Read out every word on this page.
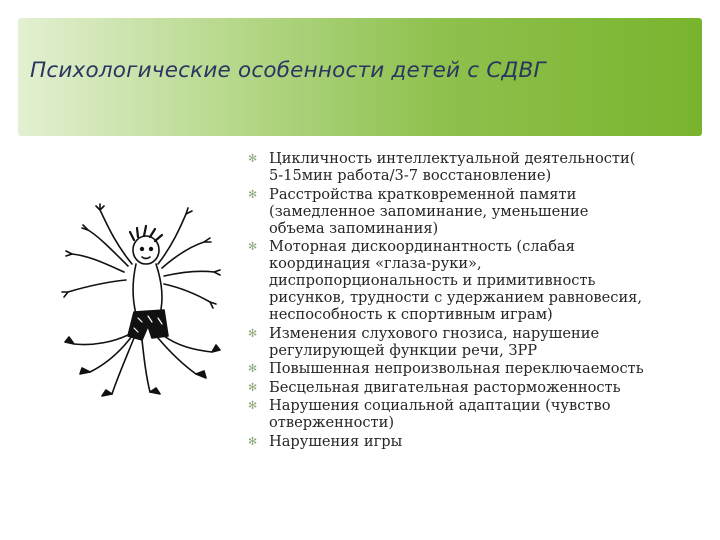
Психологические особенности детей с СДВГ
✻ Цикличность интеллектуальной деятельности(
5-15мин работа/3-7 восстановление)
✻ Расстройства кратковременной памяти
(замедленное запоминание, уменьшение
объема запоминания)
✻ Моторная дискоординантность (слабая
координация «глаза-руки»,
диспропорциональность и примитивность
рисунков, трудности с удержанием равновесия,
неспособность к спортивным играм)
✻ Изменения слухового гнозиса, нарушение
регулирующей функции речи, ЗРР
✻ Повышенная непроизвольная переключаемость
✻ Бесцельная двигательная расторможенность
✻ Нарушения социальной адаптации (чувство
отверженности)
✻ Нарушения игры
